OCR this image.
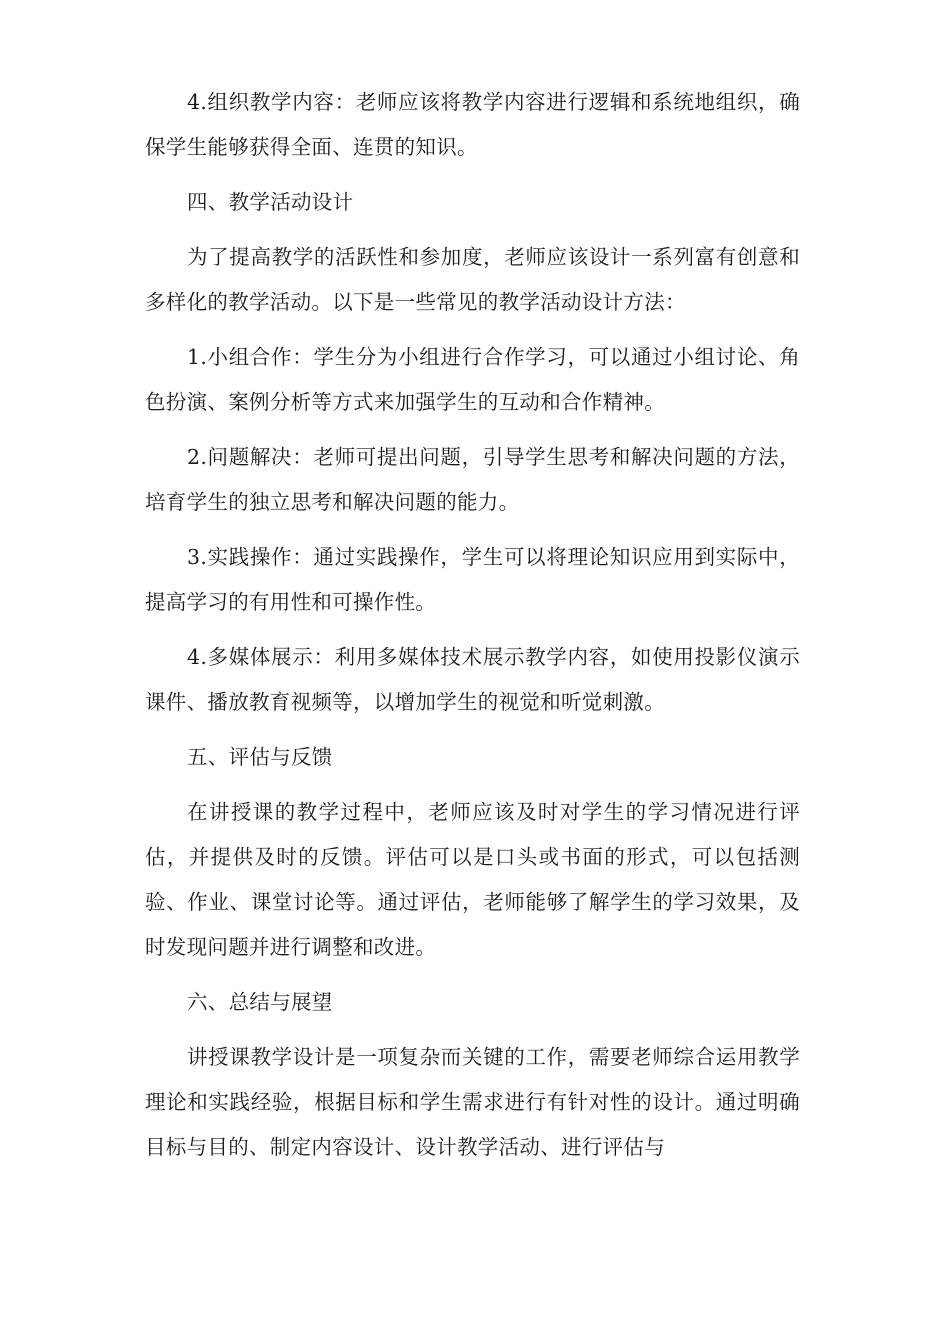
4.组织教学内容：老师应该将教学内容进行逻辑和系统地组织，确保学生能够获得全面、连贯的知识。

四、教学活动设计

为了提高教学的活跃性和参加度，老师应该设计一系列富有创意和多样化的教学活动。以下是一些常见的教学活动设计方法：

1.小组合作：学生分为小组进行合作学习，可以通过小组讨论、角色扮演、案例分析等方式来加强学生的互动和合作精神。

2.问题解决：老师可提出问题，引导学生思考和解决问题的方法，培育学生的独立思考和解决问题的能力。

3.实践操作：通过实践操作，学生可以将理论知识应用到实际中，提高学习的有用性和可操作性。

4.多媒体展示：利用多媒体技术展示教学内容，如使用投影仪演示课件、播放教育视频等，以增加学生的视觉和听觉刺激。

五、评估与反馈

在讲授课的教学过程中，老师应该及时对学生的学习情况进行评估，并提供及时的反馈。评估可以是口头或书面的形式，可以包括测验、作业、课堂讨论等。通过评估，老师能够了解学生的学习效果，及时发现问题并进行调整和改进。

六、总结与展望

讲授课教学设计是一项复杂而关键的工作，需要老师综合运用教学理论和实践经验，根据目标和学生需求进行有针对性的设计。通过明确目标与目的、制定内容设计、设计教学活动、进行评估与
